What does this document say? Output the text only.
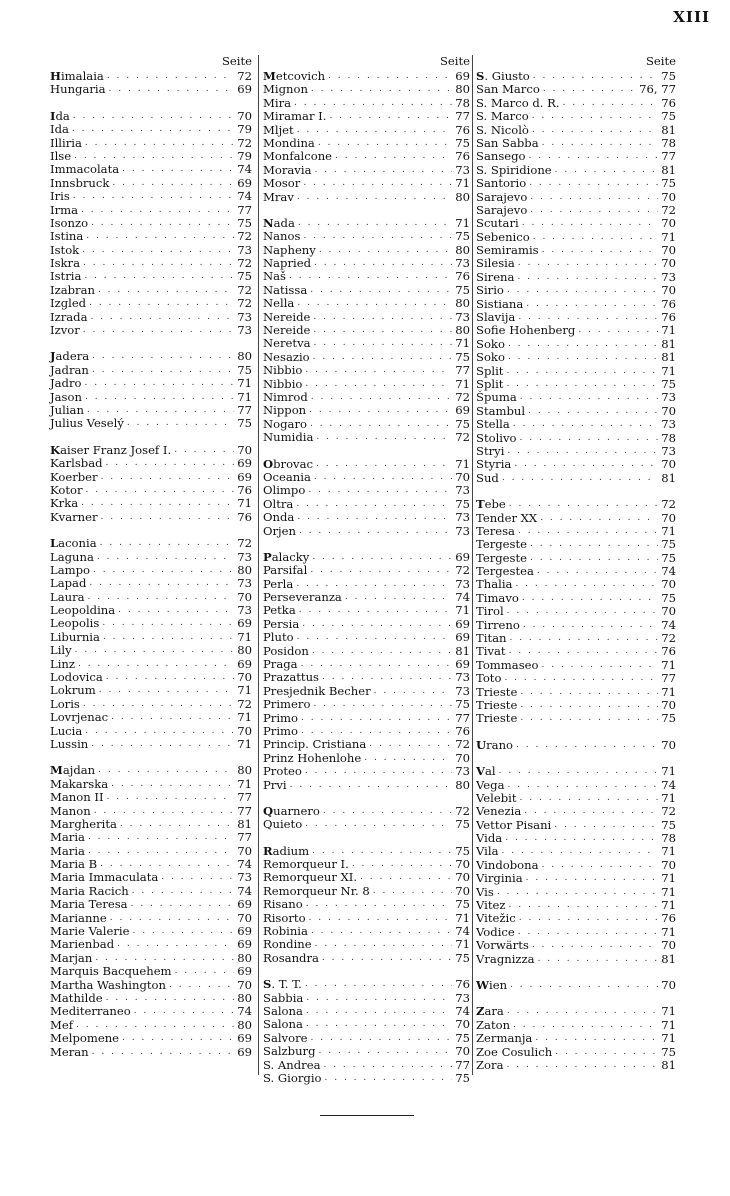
XIII
Seite
Himalaia . . .	72
Hungaria . . .	69
Ida . . .	70
Ida . . .	79
Illiria . . .	72
Ilse . . .	79
Immacolata . . .	74
Innsbruck . . .	69
Iris . . .	74
Irma . . .	77
Isonzo . . .	75
Istina . . .	72
Istok . . .	73
Iskra . . .	72
Istria . . .	75
Izabran . . .	72
Izgled . . .	72
Izrada . . .	73
Izvor . . .	73
Jadera . . .	80
Jadran . . .	75
Jadro . . .	71
Jason . . .	71
Julian . . .	77
Julius Veselý . . .	75
Kaiser Franz Josef I. . . .	70
Karlsbad . . .	69
Koerber . . .	69
Kotor . . .	76
Krka . . .	71
Kvarner . . .	76
Laconia . . .	72
Laguna . . .	73
Lampo . . .	80
Lapad . . .	73
Laura . . .	70
Leopoldina . . .	73
Leopolis . . .	69
Liburnia . . .	71
Lily . . .	80
Linz . . .	69
Lodovica . . .	70
Lokrum . . .	71
Loris . . .	72
Lovrjenac . . .	71
Lucia . . .	70
Lussin . . .	71
Majdan . . .	80
Makarska . . .	71
Manon II . . .	77
Manon . . .	77
Margherita . . .	81
Maria . . .	77
Maria . . .	70
Maria B . . .	74
Maria Immaculata . . .	73
Maria Racich . . .	74
Maria Teresa . . .	69
Marianne . . .	70
Marie Valerie . . .	69
Marienbad . . .	69
Marjan . . .	80
Marquis Bacquehem . . .	69
Martha Washington . . .	70
Mathilde . . .	80
Mediterraneo . . .	74
Mef . . .	80
Melpomene . . .	69
Meran . . .	69
Seite
Metcovich . . .	69
Mignon . . .	80
Mira . . .	78
Miramar I. . . .	77
Mljet . . .	76
Mondina . . .	75
Monfalcone . . .	76
Moravia . . .	73
Mosor . . .	71
Mrav . . .	80
Nada . . .	71
Nanos . . .	75
Napheny . . .	80
Napried . . .	73
Naš . . .	76
Natissa . . .	75
Nella . . .	80
Nereide . . .	73
Nereide . . .	80
Neretva . . .	71
Nesazio . . .	75
Nibbio . . .	77
Nibbio . . .	71
Nimrod . . .	72
Nippon . . .	69
Nogaro . . .	75
Numidia . . .	72
Obrovac . . .	71
Oceania . . .	70
Olimpo . . .	73
Oltra . . .	75
Onda . . .	73
Orjen . . .	73
Palacky . . .	69
Parsifal . . .	72
Perla . . .	73
Perseveranza . . .	74
Petka . . .	71
Persia . . .	69
Pluto . . .	69
Posidon . . .	81
Praga . . .	69
Prazattus . . .	73
Presjednik Becher . . .	73
Primero . . .	75
Primo . . .	77
Primo . . .	76
Princip. Cristiana . . .	72
Prinz Hohenlohe . . .	70
Proteo . . .	73
Prvi . . .	80
Quarnero . . .	72
Quieto . . .	75
Radium . . .	75
Remorqueur I. . . .	70
Remorqueur XI. . . .	70
Remorqueur Nr. 8 . . .	70
Risano . . .	75
Risorto . . .	71
Robinia . . .	74
Rondine . . .	71
Rosandra . . .	75
S. T. T. . . .	76
Sabbia . . .	73
Salona . . .	74
Salona . . .	70
Salvore . . .	75
Salzburg . . .	70
S. Andrea . . .	77
S. Giorgio . . .	75
Seite
S. Giusto . . .	75
San Marco . . .	76, 77
S. Marco d. R. . . .	76
S. Marco . . .	75
S. Nicolò . . .	81
San Sabba . . .	78
Sansego . . .	77
S. Spiridione . . .	81
Santorio . . .	75
Sarajevo . . .	70
Sarajevo . . .	72
Scutari . . .	70
Sebenico . . .	71
Semiramis . . .	70
Silesia . . .	70
Sirena . . .	73
Sirio . . .	70
Sistiana . . .	76
Slavija . . .	76
Sofie Hohenberg . . .	71
Soko . . .	81
Soko . . .	81
Split . . .	71
Split . . .	75
Špuma . . .	73
Stambul . . .	70
Stella . . .	73
Stolivo . . .	78
Stryi . . .	73
Styria . . .	70
Sud . . .	81
Tebe . . .	72
Tender XX . . .	70
Teresa . . .	71
Tergeste . . .	75
Tergeste . . .	75
Tergestea . . .	74
Thalia . . .	70
Timavo . . .	75
Tirol . . .	70
Tirreno . . .	74
Titan . . .	72
Tivat . . .	76
Tommaseo . . .	71
Toto . . .	77
Trieste . . .	71
Trieste . . .	70
Trieste . . .	75
Urano . . .	70
Val . . .	71
Vega . . .	74
Velebit . . .	71
Venezia . . .	72
Vettor Pisani . . .	75
Vida . . .	78
Vila . . .	71
Vindobona . . .	70
Virginia . . .	71
Vis . . .	71
Vitez . . .	71
Vitežic . . .	76
Vodice . . .	71
Vorwärts . . .	70
Vragnizza . . .	81
Wien . . .	70
Zara . . .	71
Zaton . . .	71
Zermanja . . .	71
Zoe Cosulich . . .	75
Zora . . .	81
